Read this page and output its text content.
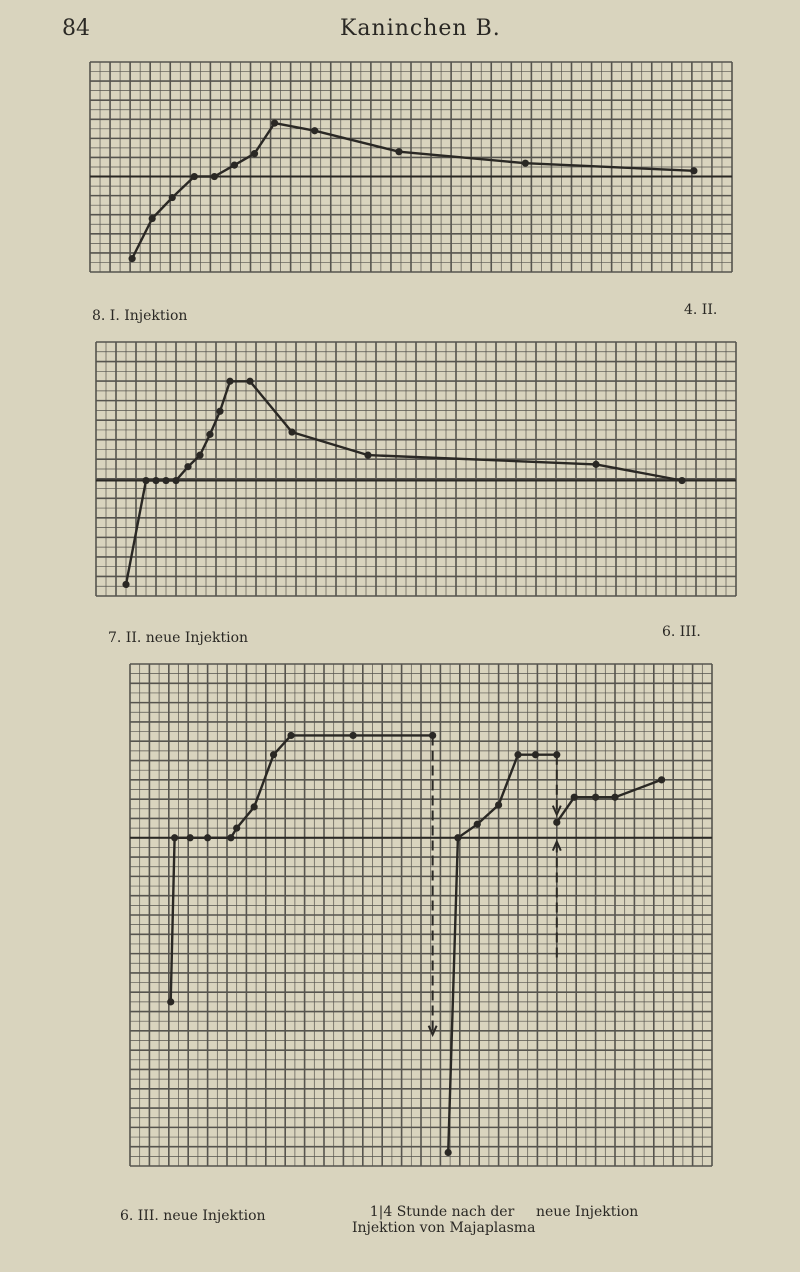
84	Kaninchen B.
8. I. Injektion	4. II.
7. II. neue Injektion	6. III.
6. III. neue Injektion	1|4 Stunde nach der
Injektion von Majaplasma
neue Injektion
